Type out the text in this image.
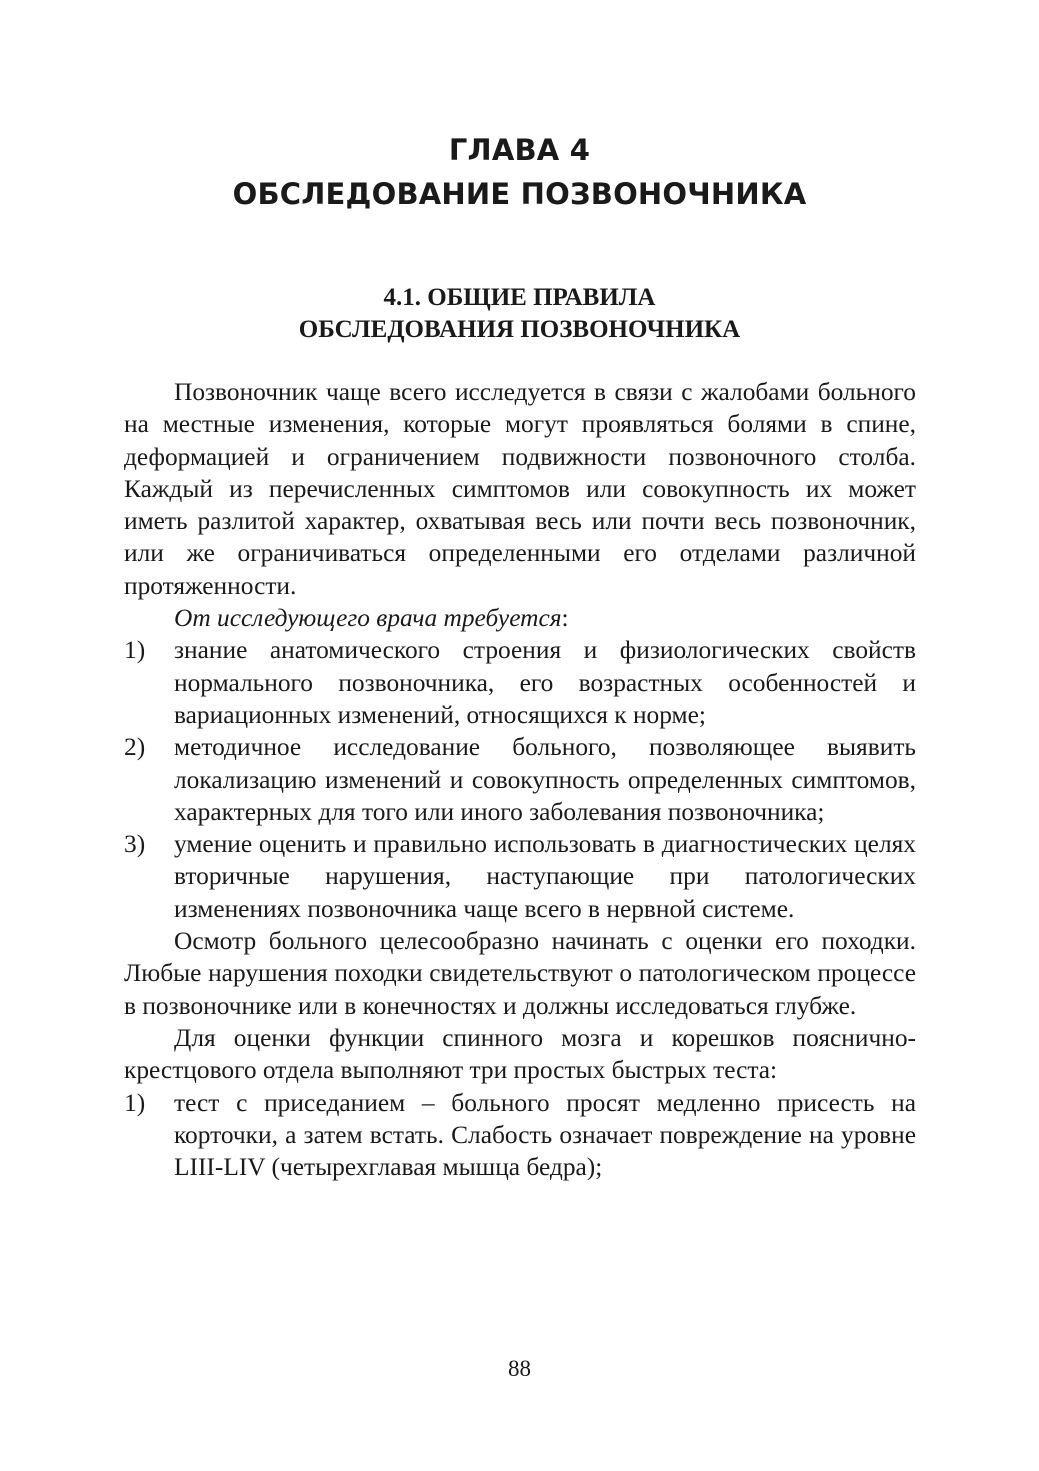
ГЛАВА 4
ОБСЛЕДОВАНИЕ ПОЗВОНОЧНИКА
4.1. ОБЩИЕ ПРАВИЛА
ОБСЛЕДОВАНИЯ ПОЗВОНОЧНИКА

Позвоночник чаще всего исследуется в связи с жалобами больного на местные изменения, которые могут проявляться болями в спине, деформацией и ограничением подвижности позвоночного столба. Каждый из перечисленных симптомов или совокупность их может иметь разлитой характер, охватывая весь или почти весь позвоночник, или же ограничиваться определенными его отделами различной протяженности.

От исследующего врача требуется:

1)	знание анатомического строения и физиологических свойств нормального позвоночника, его возрастных особенностей и вариационных изменений, относящихся к норме;
2)	методичное исследование больного, позволяющее выявить локализацию изменений и совокупность определенных симптомов, характерных для того или иного заболевания позвоночника;
3)	умение оценить и правильно использовать в диагностических целях вторичные нарушения, наступающие при патологических изменениях позвоночника чаще всего в нервной системе.

Осмотр больного целесообразно начинать с оценки его походки. Любые нарушения походки свидетельствуют о патологическом процессе в позвоночнике или в конечностях и должны исследоваться глубже.

Для оценки функции спинного мозга и корешков пояснично-крестцового отдела выполняют три простых быстрых теста:

1)	тест с приседанием – больного просят медленно присесть на корточки, а затем встать. Слабость означает повреждение на уровне LIII-LIV (четырехглавая мышца бедра);
88
